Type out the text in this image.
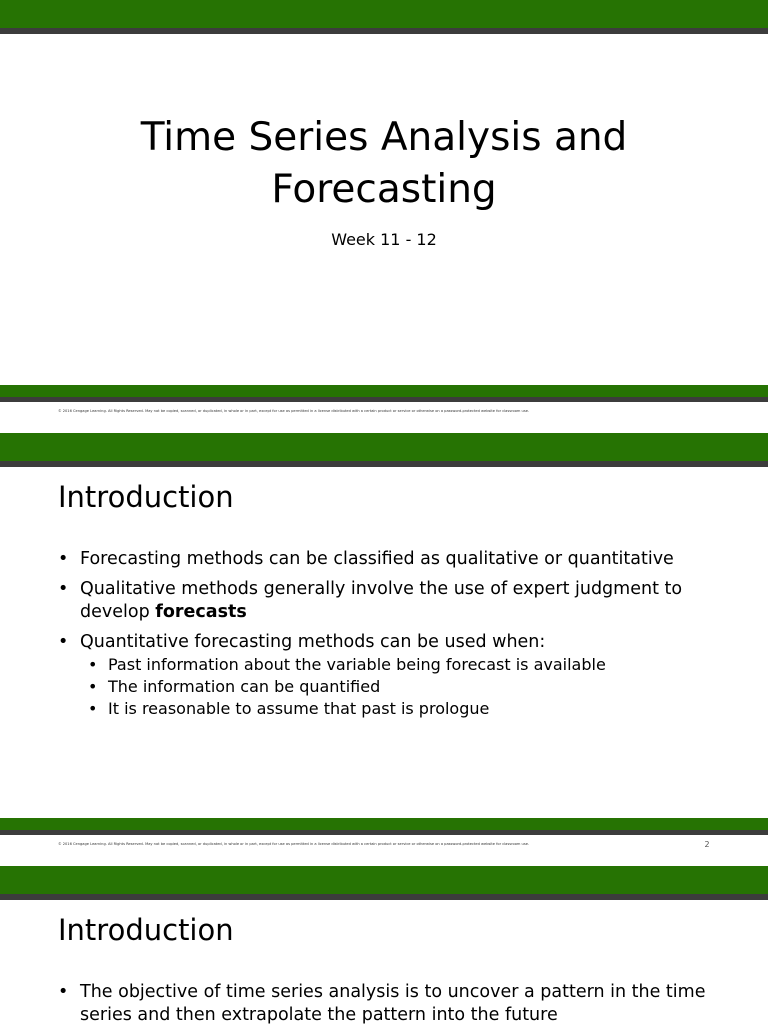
Time Series Analysis and
Forecasting
Week 11 - 12
© 2016 Cengage Learning. All Rights Reserved. May not be copied, scanned, or duplicated, in whole or in part, except for use as permitted in a license distributed with a certain product or service or otherwise on a password-protected website for classroom use.
Introduction
• Forecasting methods can be classified as qualitative or quantitative
• Qualitative methods generally involve the use of expert judgment to develop forecasts
• Quantitative forecasting methods can be used when:
• Past information about the variable being forecast is available
• The information can be quantified
• It is reasonable to assume that past is prologue
© 2016 Cengage Learning. All Rights Reserved. May not be copied, scanned, or duplicated, in whole or in part, except for use as permitted in a license distributed with a certain product or service or otherwise on a password-protected website for classroom use.	2
Introduction
• The objective of time series analysis is to uncover a pattern in the time series and then extrapolate the pattern into the future
